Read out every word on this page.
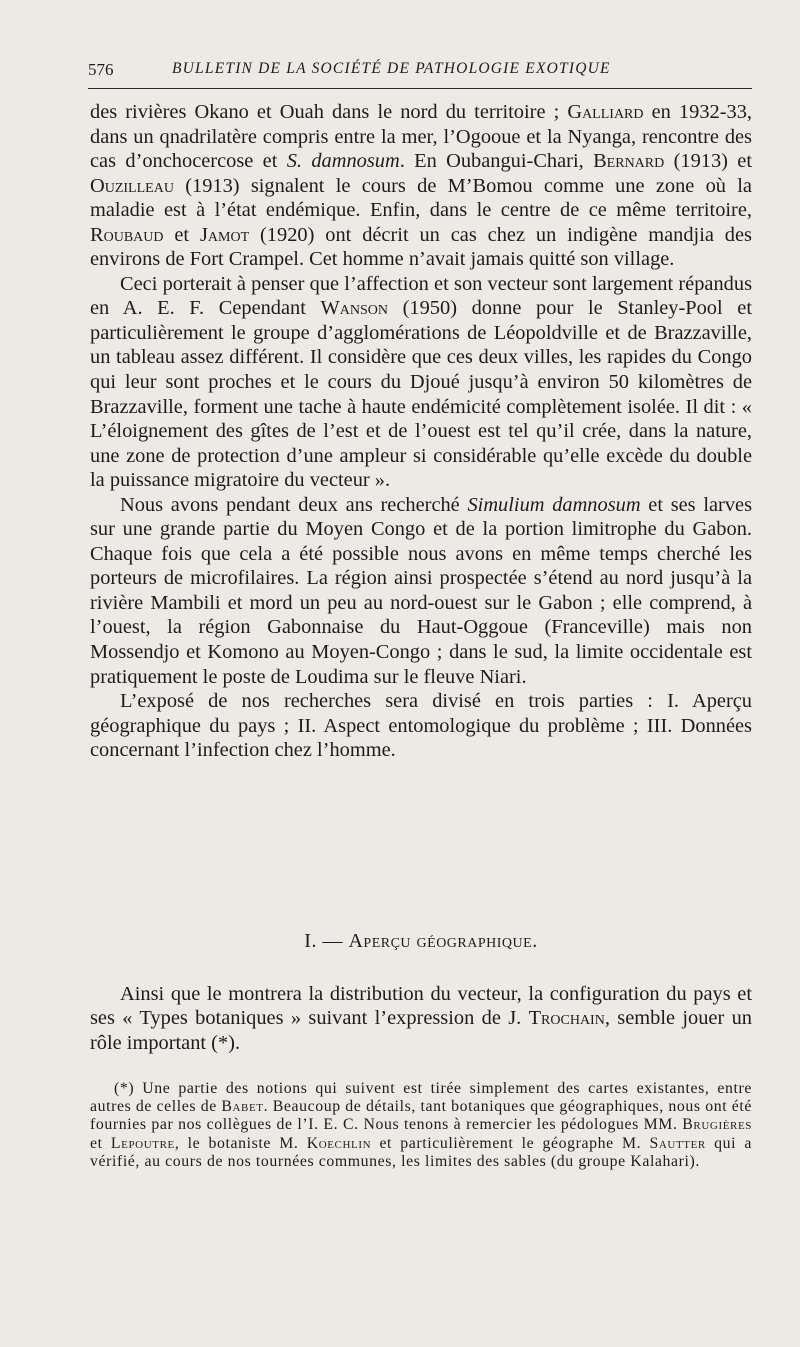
576	BULLETIN DE LA SOCIÉTÉ DE PATHOLOGIE EXOTIQUE

des rivières Okano et Ouah dans le nord du territoire ; Galliard en 1932-33, dans un qnadrilatère compris entre la mer, l’Ogooue et la Nyanga, rencontre des cas d’onchocercose et S. damnosum. En Oubangui-Chari, Bernard (1913) et Ouzilleau (1913) signalent le cours de M’Bomou comme une zone où la maladie est à l’état endémique. Enfin, dans le centre de ce même territoire, Roubaud et Jamot (1920) ont décrit un cas chez un indigène mandjia des environs de Fort Crampel. Cet homme n’avait jamais quitté son village.

Ceci porterait à penser que l’affection et son vecteur sont largement répandus en A. E. F. Cependant Wanson (1950) donne pour le Stanley-Pool et particulièrement le groupe d’agglomérations de Léopoldville et de Brazzaville, un tableau assez différent. Il considère que ces deux villes, les rapides du Congo qui leur sont proches et le cours du Djoué jusqu’à environ 50 kilomètres de Brazzaville, forment une tache à haute endémicité complètement isolée. Il dit : « L’éloignement des gîtes de l’est et de l’ouest est tel qu’il crée, dans la nature, une zone de protection d’une ampleur si considérable qu’elle excède du double la puissance migratoire du vecteur ».

Nous avons pendant deux ans recherché Simulium damnosum et ses larves sur une grande partie du Moyen Congo et de la portion limitrophe du Gabon. Chaque fois que cela a été possible nous avons en même temps cherché les porteurs de microfilaires. La région ainsi prospectée s’étend au nord jusqu’à la rivière Mambili et mord un peu au nord-ouest sur le Gabon ; elle comprend, à l’ouest, la région Gabonnaise du Haut-Oggoue (Franceville) mais non Mossendjo et Komono au Moyen-Congo ; dans le sud, la limite occidentale est pratiquement le poste de Loudima sur le fleuve Niari.

L’exposé de nos recherches sera divisé en trois parties : I. Aperçu géographique du pays ; II. Aspect entomologique du problème ; III. Données concernant l’infection chez l’homme.

I. — Aperçu géographique.

Ainsi que le montrera la distribution du vecteur, la configuration du pays et ses « Types botaniques » suivant l’expression de J. Trochain, semble jouer un rôle important (*).

(*) Une partie des notions qui suivent est tirée simplement des cartes existantes, entre autres de celles de Babet. Beaucoup de détails, tant botaniques que géographiques, nous ont été fournies par nos collègues de l’I. E. C. Nous tenons à remercier les pédologues MM. Brugières et Lepoutre, le botaniste M. Koechlin et particulièrement le géographe M. Sautter qui a vérifié, au cours de nos tournées communes, les limites des sables (du groupe Kalahari).
